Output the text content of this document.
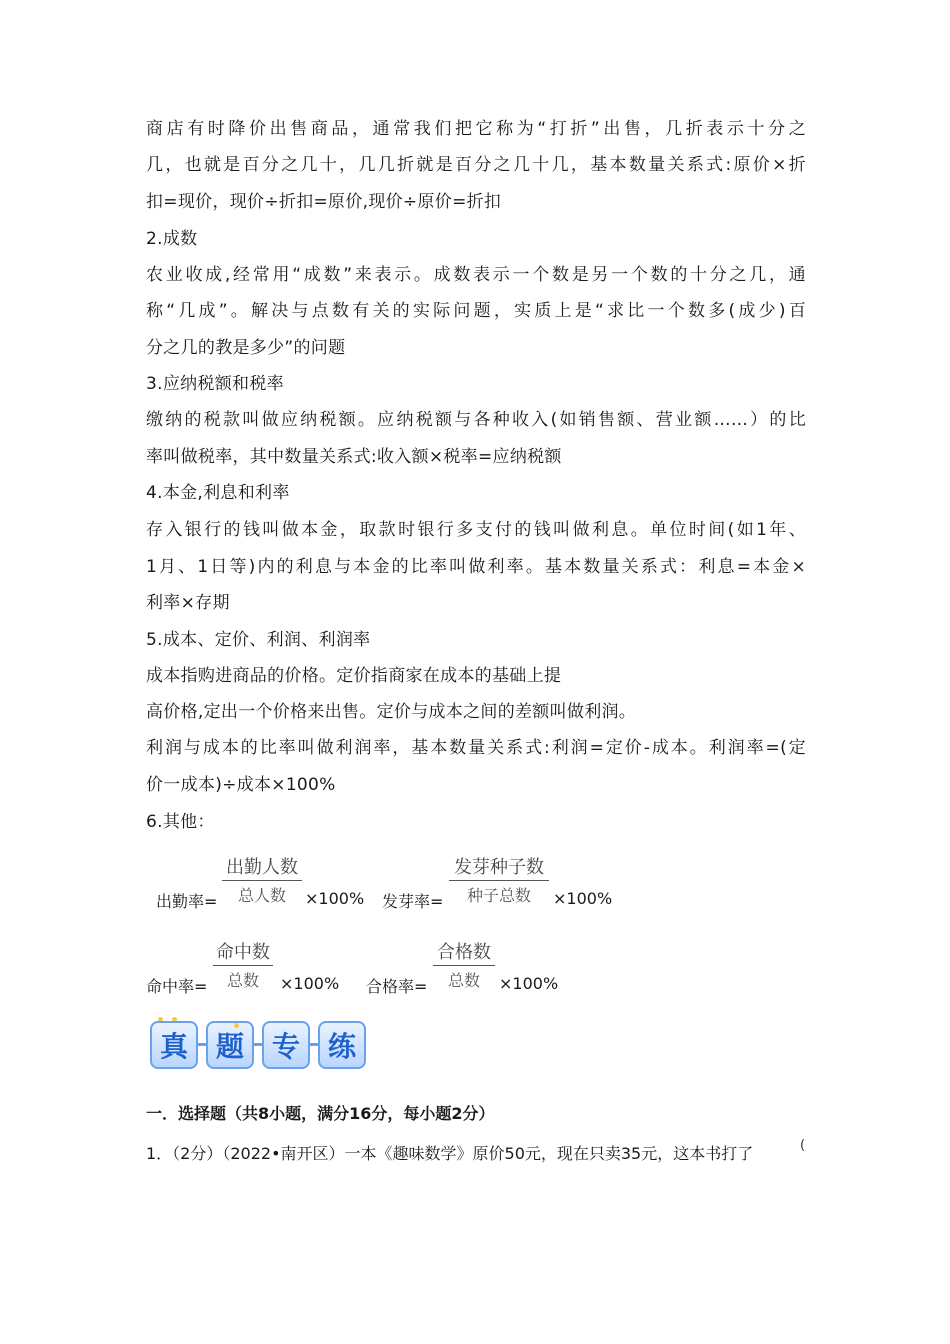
商店有时降价出售商品，通常我们把它称为“打折”出售，几折表示十分之
几，也就是百分之几十，几几折就是百分之几十几，基本数量关系式:原价×折
扣=现价，现价÷折扣=原价,现价÷原价=折扣
2.成数
农业收成,经常用“成数”来表示。成数表示一个数是另一个数的十分之几，通
称“几成”。解决与点数有关的实际问题，实质上是“求比一个数多(成少)百
分之几的教是多少”的问题
3.应纳税额和税率
缴纳的税款叫做应纳税额。应纳税额与各种收入(如销售额、营业额……）的比
率叫做税率，其中数量关系式:收入额×税率=应纳税额
4.本金,利息和利率
存入银行的钱叫做本金，取款时银行多支付的钱叫做利息。单位时间(如1年、
1月、1日等)内的利息与本金的比率叫做利率。基本数量关系式：利息=本金×
利率×存期
5.成本、定价、利润、利润率
成本指购进商品的价格。定价指商家在成本的基础上提
高价格,定出一个价格来出售。定价与成本之间的差额叫做利润。
利润与成本的比率叫做利润率，基本数量关系式:利润=定价-成本。利润率=(定
价一成本)÷成本×100%
6.其他：
出勤率=
出勤人数
总人数	×100% 发芽率=
发芽种子数
种子总数	×100%
命中率=
命中数
总数	×100% 合格率=
合格数
总数	×100%
真 题 专 练
一．选择题（共8小题，满分16分，每小题2分）
1．（2分）（2022•南开区）一本《趣味数学》原价50元，现在只卖35元，这本书打了	(
